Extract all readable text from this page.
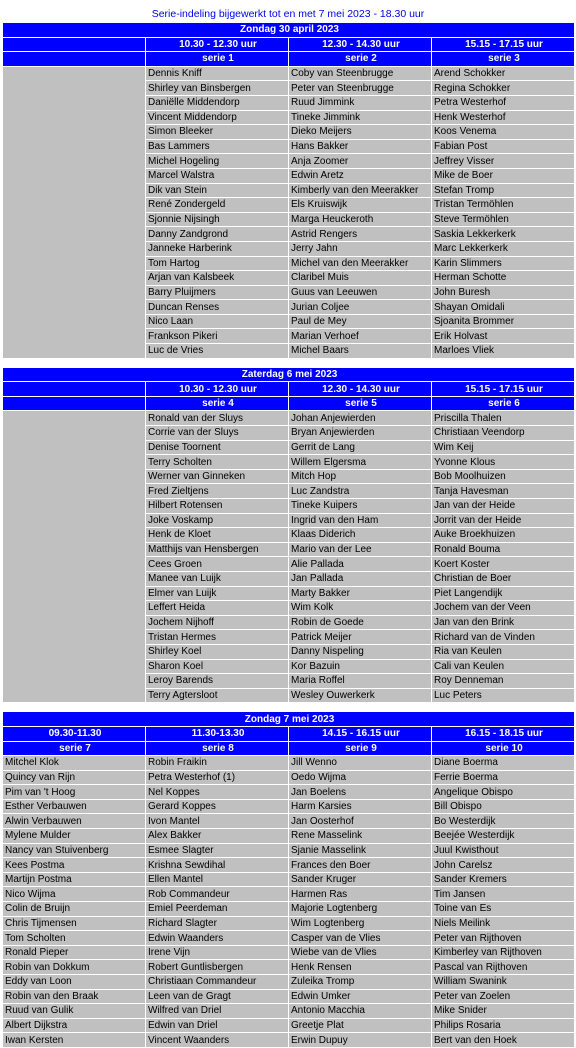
Serie-indeling bijgewerkt tot en met 7 mei 2023 - 18.30 uur
Zondag 30 april 2023			
	10.30 - 12.30 uur	12.30 - 14.30 uur	15.15 - 17.15 uur
	serie 1	serie 2	serie 3
	Dennis Kniff	Coby van Steenbrugge	Arend Schokker
	Shirley van Binsbergen	Peter van Steenbrugge	Regina Schokker
	Daniëlle Middendorp	Ruud Jimmink	Petra Westerhof
	Vincent Middendorp	Tineke Jimmink	Henk Westerhof
	Simon Bleeker	Dieko Meijers	Koos Venema
	Bas Lammers	Hans Bakker	Fabian Post
	Michel Hogeling	Anja Zoomer	Jeffrey Visser
	Marcel Walstra	Edwin Aretz	Mike de Boer
	Dik van Stein	Kimberly van den Meerakker	Stefan Tromp
	René Zondergeld	Els Kruiswijk	Tristan Termöhlen
	Sjonnie Nijsingh	Marga Heuckeroth	Steve Termöhlen
	Danny Zandgrond	Astrid Rengers	Saskia Lekkerkerk
	Janneke Harberink	Jerry Jahn	Marc Lekkerkerk
	Tom Hartog	Michel van den Meerakker	Karin Slimmers
	Arjan van Kalsbeek	Claribel Muis	Herman Schotte
	Barry Pluijmers	Guus van Leeuwen	John Buresh
	Duncan Renses	Jurian Coljee	Shayan Omidali
	Nico Laan	Paul de Mey	Sjoanita Brommer
	Frankson Pikeri	Marian Verhoef	Erik Holvast
	Luc de Vries	Michel Baars	Marloes Vliek
Zaterdag 6 mei 2023			
	10.30 - 12.30 uur	12.30 - 14.30 uur	15.15 - 17.15 uur
	serie 4	serie 5	serie 6
	Ronald van der Sluys	Johan Anjewierden	Priscilla Thalen
	Corrie van der Sluys	Bryan Anjewierden	Christiaan Veendorp
	Denise Toornent	Gerrit de Lang	Wim Keij
	Terry Scholten	Willem Elgersma	Yvonne Klous
	Werner van Ginneken	Mitch Hop	Bob Moolhuizen
	Fred Zieltjens	Luc Zandstra	Tanja Havesman
	Hilbert Rotensen	Tineke Kuipers	Jan van der Heide
	Joke Voskamp	Ingrid van den Ham	Jorrit van der Heide
	Henk de Kloet	Klaas Diderich	Auke Broekhuizen
	Matthijs van Hensbergen	Mario van der Lee	Ronald Bouma
	Cees Groen	Alie Pallada	Koert Koster
	Manee van Luijk	Jan Pallada	Christian de Boer
	Elmer van Luijk	Marty Bakker	Piet Langendijk
	Leffert Heida	Wim Kolk	Jochem van der Veen
	Jochem Nijhoff	Robin de Goede	Jan van den Brink
	Tristan Hermes	Patrick Meijer	Richard van de Vinden
	Shirley Koel	Danny Nispeling	Ria van Keulen
	Sharon Koel	Kor Bazuin	Cali van Keulen
	Leroy Barends	Maria Roffel	Roy Denneman
	Terry Agtersloot	Wesley Ouwerkerk	Luc Peters
Zondag 7 mei 2023			
09.30-11.30	11.30-13.30	14.15 - 16.15 uur	16.15 - 18.15 uur
serie 7	serie 8	serie 9	serie 10
Mitchel Klok	Robin Fraikin	Jill Wenno	Diane Boerma
Quincy van Rijn	Petra Westerhof (1)	Oedo Wijma	Ferrie Boerma
Pim van 't Hoog	Nel Koppes	Jan Boelens	Angelique Obispo
Esther Verbauwen	Gerard Koppes	Harm Karsies	Bill Obispo
Alwin Verbauwen	Ivon Mantel	Jan Oosterhof	Bo Westerdijk
Mylene Mulder	Alex Bakker	Rene Masselink	Beejée Westerdijk
Nancy van Stuivenberg	Esmee Slagter	Sjanie Masselink	Juul Kwisthout
Kees Postma	Krishna Sewdihal	Frances den Boer	John Carelsz
Martijn Postma	Ellen Mantel	Sander Kruger	Sander Kremers
Nico Wijma	Rob Commandeur	Harmen Ras	Tim Jansen
Colin de Bruijn	Emiel Peerdeman	Majorie Logtenberg	Toine van Es
Chris Tijmensen	Richard Slagter	Wim Logtenberg	Niels Meilink
Tom Scholten	Edwin Waanders	Casper van de Vlies	Peter van Rijthoven
Ronald Pieper	Irene Vijn	Wiebe van de Vlies	Kimberley van Rijthoven
Robin van Dokkum	Robert Guntlisbergen	Henk Rensen	Pascal van Rijthoven
Eddy van Loon	Christiaan Commandeur	Zuleika Tromp	William Swanink
Robin van den Braak	Leen van de Gragt	Edwin Umker	Peter van Zoelen
Ruud van Gulik	Wilfred van Driel	Antonio Macchia	Mike Snider
Albert Dijkstra	Edwin van Driel	Greetje Plat	Philips Rosaria
Iwan Kersten	Vincent Waanders	Erwin Dupuy	Bert van den Hoek
